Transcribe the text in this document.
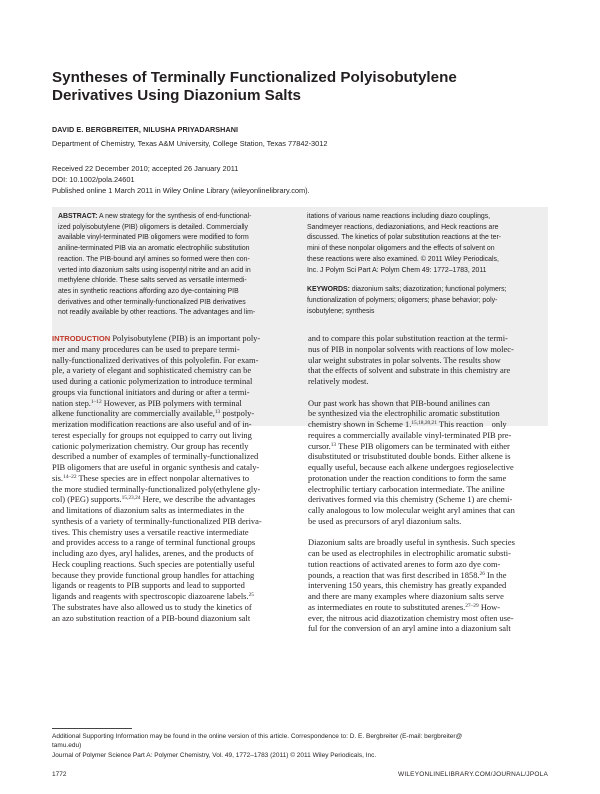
Syntheses of Terminally Functionalized Polyisobutylene
Derivatives Using Diazonium Salts
DAVID E. BERGBREITER, NILUSHA PRIYADARSHANI
Department of Chemistry, Texas A&M University, College Station, Texas 77842-3012
Received 22 December 2010; accepted 26 January 2011
DOI: 10.1002/pola.24601
Published online 1 March 2011 in Wiley Online Library (wileyonlinelibrary.com).
ABSTRACT: A new strategy for the synthesis of end-functional-
ized polyisobutylene (PIB) oligomers is detailed. Commercially
available vinyl-terminated PIB oligomers were modified to form
aniline-terminated PIB via an aromatic electrophilic substitution
reaction. The PIB-bound aryl amines so formed were then con-
verted into diazonium salts using isopentyl nitrite and an acid in
methylene chloride. These salts served as versatile intermedi-
ates in synthetic reactions affording azo dye-containing PIB
derivatives and other terminally-functionalized PIB derivatives
not readily available by other reactions. The advantages and lim-
itations of various name reactions including diazo couplings,
Sandmeyer reactions, dediazoniations, and Heck reactions are
discussed. The kinetics of polar substitution reactions at the ter-
mini of these nonpolar oligomers and the effects of solvent on
these reactions were also examined. © 2011 Wiley Periodicals,
Inc. J Polym Sci Part A: Polym Chem 49: 1772–1783, 2011
KEYWORDS: diazonium salts; diazotization; functional polymers;
functionalization of polymers; oligomers; phase behavior; poly-
isobutylene; synthesis
INTRODUCTION Polyisobutylene (PIB) is an important poly-
mer and many procedures can be used to prepare termi-
nally-functionalized derivatives of this polyolefin. For exam-
ple, a variety of elegant and sophisticated chemistry can be
used during a cationic polymerization to introduce terminal
groups via functional initiators and during or after a termi-
nation step.$^{1-12}$ However, as PIB polymers with terminal
alkene functionality are commercially available,$^{13}$ postpoly-
merization modification reactions are also useful and of in-
terest especially for groups not equipped to carry out living
cationic polymerization chemistry. Our group has recently
described a number of examples of terminally-functionalized
PIB oligomers that are useful in organic synthesis and cataly-
sis.$^{14-22}$ These species are in effect nonpolar alternatives to
the more studied terminally-functionalized poly(ethylene gly-
col) (PEG) supports.$^{15,23,24}$ Here, we describe the advantages
and limitations of diazonium salts as intermediates in the
synthesis of a variety of terminally-functionalized PIB deriva-
tives. This chemistry uses a versatile reactive intermediate
and provides access to a range of terminal functional groups
including azo dyes, aryl halides, arenes, and the products of
Heck coupling reactions. Such species are potentially useful
because they provide functional group handles for attaching
ligands or reagents to PIB supports and lead to supported
ligands and reagents with spectroscopic diazoarene labels.$^{25}$
The substrates have also allowed us to study the kinetics of
an azo substitution reaction of a PIB-bound diazonium salt
and to compare this polar substitution reaction at the termi-
nus of PIB in nonpolar solvents with reactions of low molec-
ular weight substrates in polar solvents. The results show
that the effects of solvent and substrate in this chemistry are
relatively modest.
Our past work has shown that PIB-bound anilines can
be synthesized via the electrophilic aromatic substitution
chemistry shown in Scheme 1.$^{15,18,20,21}$ This reaction    only
requires a commercially available vinyl-terminated PIB pre-
cursor.$^{13}$ These PIB oligomers can be terminated with either
disubstituted or trisubstituted double bonds. Either alkene is
equally useful, because each alkene undergoes regioselective
protonation under the reaction conditions to form the same
electrophilic tertiary carbocation intermediate. The aniline
derivatives formed via this chemistry (Scheme 1) are chemi-
cally analogous to low molecular weight aryl amines that can
be used as precursors of aryl diazonium salts.
Diazonium salts are broadly useful in synthesis. Such species
can be used as electrophiles in electrophilic aromatic substi-
tution reactions of activated arenes to form azo dye com-
pounds, a reaction that was first described in 1858.26 In the
intervening 150 years, this chemistry has greatly expanded
and there are many examples where diazonium salts serve
as intermediates en route to substituted arenes.$^{27-29}$ How-
ever, the nitrous acid diazotization chemistry most often use-
ful for the conversion of an aryl amine into a diazonium salt
Additional Supporting Information may be found in the online version of this article. Correspondence to: D. E. Bergbreiter (E-mail: bergbreiter@
tamu.edu)
Journal of Polymer Science Part A: Polymer Chemistry, Vol. 49, 1772–1783 (2011) © 2011 Wiley Periodicals, Inc.
1772	WILEYONLINELIBRARY.COM/JOURNAL/JPOLA
